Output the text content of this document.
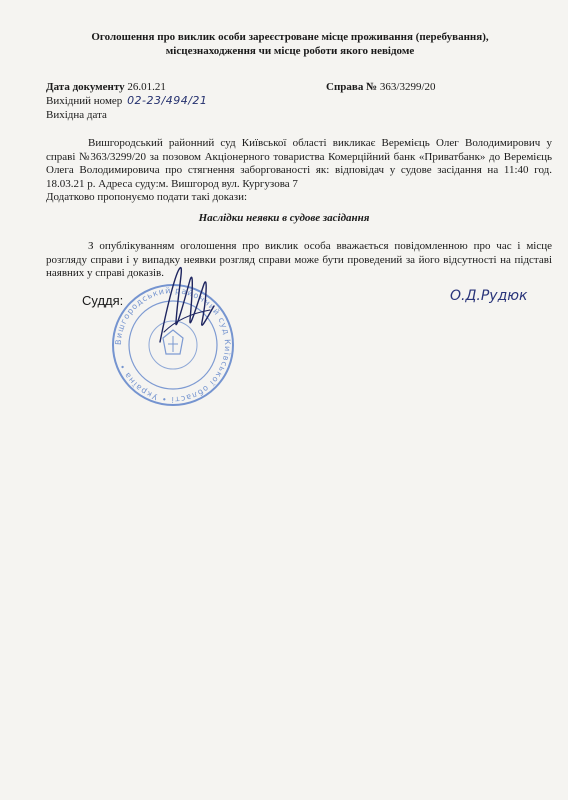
Оголошення про виклик особи зареєстроване місце проживання (перебування),
місцезнаходження чи місце роботи якого невідоме
Дата документу 26.01.21	Справа № 363/3299/20
Вихідний номер 02-23/494/21
Вихідна дата
Вишгородський районний суд Київської області викликає Веремієць Олег Володимирович у справі №363/3299/20 за позовом Акціонерного товариства Комерційний банк «Приватбанк» до Веремієць Олега Володимировича про стягнення заборгованості як: відповідач у судове засідання на 11:40 год. 18.03.21 р. Адреса суду:м. Вишгород вул. Кургузова 7
Додатково пропонуємо подати такі докази:
Наслідки неявки в судове засідання
З опублікуванням оголошення про виклик особа вважається повідомленною про час і місце розгляду справи і у випадку неявки розгляд справи може бути проведений за його відсутності на підставі наявних у справі доказів.
Суддя:
Вишгородський районний суд Київської області • Україна •
О.Д.Рудюк
